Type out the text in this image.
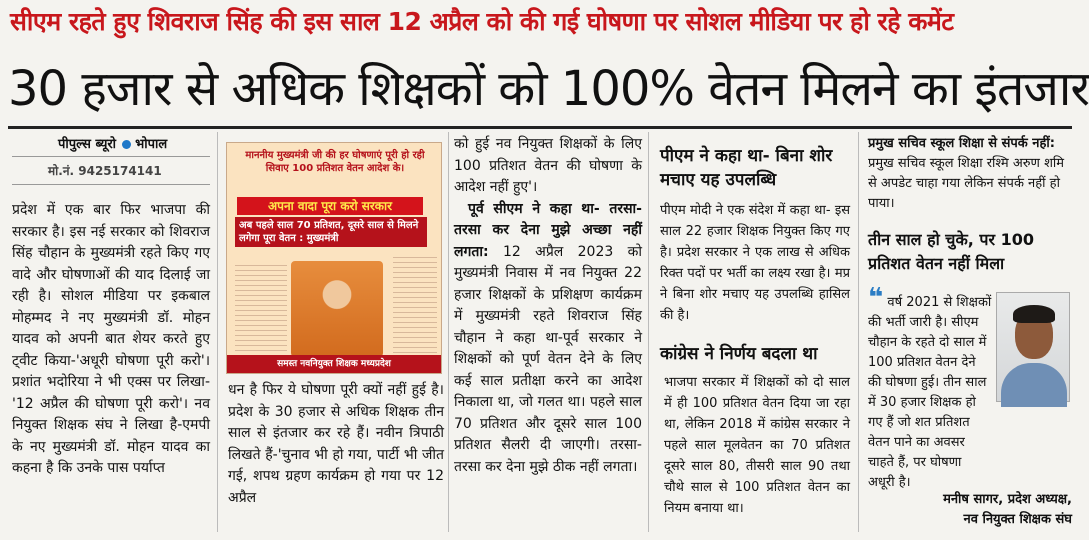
सीएम रहते हुए शिवराज सिंह की इस साल 12 अप्रैल को की गई घोषणा पर सोशल मीडिया पर हो रहे कमेंट
30 हजार से अधिक शिक्षकों को 100% वेतन मिलने का इंतजार
पीपुल्स ब्यूरो भोपाल
मो.नं. 9425174141

प्रदेश में एक बार फिर भाजपा की सरकार है। इस नई सरकार को शिवराज सिंह चौहान के मुख्यमंत्री रहते किए गए वादे और घोषणाओं की याद दिलाई जा रही है। सोशल मीडिया पर इकबाल मोहम्मद ने नए मुख्यमंत्री डॉ. मोहन यादव को अपनी बात शेयर करते हुए ट्वीट किया-'अधूरी घोषणा पूरी करो'। प्रशांत भदोरिया ने भी एक्स पर लिखा-'12 अप्रैल की घोषणा पूरी करो'। नव नियुक्त शिक्षक संघ ने लिखा है-एमपी के नए मुख्यमंत्री डॉ. मोहन यादव का कहना है कि उनके पास पर्याप्त

माननीय मुख्यमंत्री जी की हर घोषणाएं पूरी हो रही सिवाए 100 प्रतिशत वेतन आदेश के।
अपना वादा पूरा करो सरकार
अब पहले साल 70 प्रतिशत, दूसरे साल से मिलने लगेगा पूरा वेतन : मुख्यमंत्री
समस्त नवनियुक्त शिक्षक मध्यप्रदेश

धन है फिर ये घोषणा पूरी क्यों नहीं हुई है। प्रदेश के 30 हजार से अधिक शिक्षक तीन साल से इंतजार कर रहे हैं। नवीन त्रिपाठी लिखते हैं-'चुनाव भी हो गया, पार्टी भी जीत गई, शपथ ग्रहण कार्यक्रम हो गया पर 12 अप्रैल

को हुई नव नियुक्त शिक्षकों के लिए 100 प्रतिशत वेतन की घोषणा के आदेश नहीं हुए'।

पूर्व सीएम ने कहा था- तरसा-तरसा कर देना मुझे अच्छा नहीं लगता: 12 अप्रैल 2023 को मुख्यमंत्री निवास में नव नियुक्त 22 हजार शिक्षकों के प्रशिक्षण कार्यक्रम में मुख्यमंत्री रहते शिवराज सिंह चौहान ने कहा था-पूर्व सरकार ने शिक्षकों को पूर्ण वेतन देने के लिए कई साल प्रतीक्षा करने का आदेश निकाला था, जो गलत था। पहले साल 70 प्रतिशत और दूसरे साल 100 प्रतिशत सैलरी दी जाएगी। तरसा-तरसा कर देना मुझे ठीक नहीं लगता।

पीएम ने कहा था- बिना शोर मचाए यह उपलब्धि

पीएम मोदी ने एक संदेश में कहा था- इस साल 22 हजार शिक्षक नियुक्त किए गए है। प्रदेश सरकार ने एक लाख से अधिक रिक्त पदों पर भर्ती का लक्ष्य रखा है। मप्र ने बिना शोर मचाए यह उपलब्धि हासिल की है।

कांग्रेस ने निर्णय बदला था

भाजपा सरकार में शिक्षकों को दो साल में ही 100 प्रतिशत वेतन दिया जा रहा था, लेकिन 2018 में कांग्रेस सरकार ने पहले साल मूलवेतन का 70 प्रतिशत दूसरे साल 80, तीसरी साल 90 तथा चौथे साल से 100 प्रतिशत वेतन का नियम बनाया था।

प्रमुख सचिव स्कूल शिक्षा से संपर्क नहीं: प्रमुख सचिव स्कूल शिक्षा रश्मि अरुण शमि से अपडेट चाहा गया लेकिन संपर्क नहीं हो पाया।

तीन साल हो चुके, पर 100 प्रतिशत वेतन नहीं मिला

❝ वर्ष 2021 से शिक्षकों की भर्ती जारी है। सीएम चौहान के रहते दो साल में 100 प्रतिशत वेतन देने की घोषणा हुई। तीन साल में 30 हजार शिक्षक हो गए हैं जो शत प्रतिशत वेतन पाने का अवसर चाहते हैं, पर घोषणा अधूरी है।

मनीष सागर, प्रदेश अध्यक्ष,

नव नियुक्त शिक्षक संघ
